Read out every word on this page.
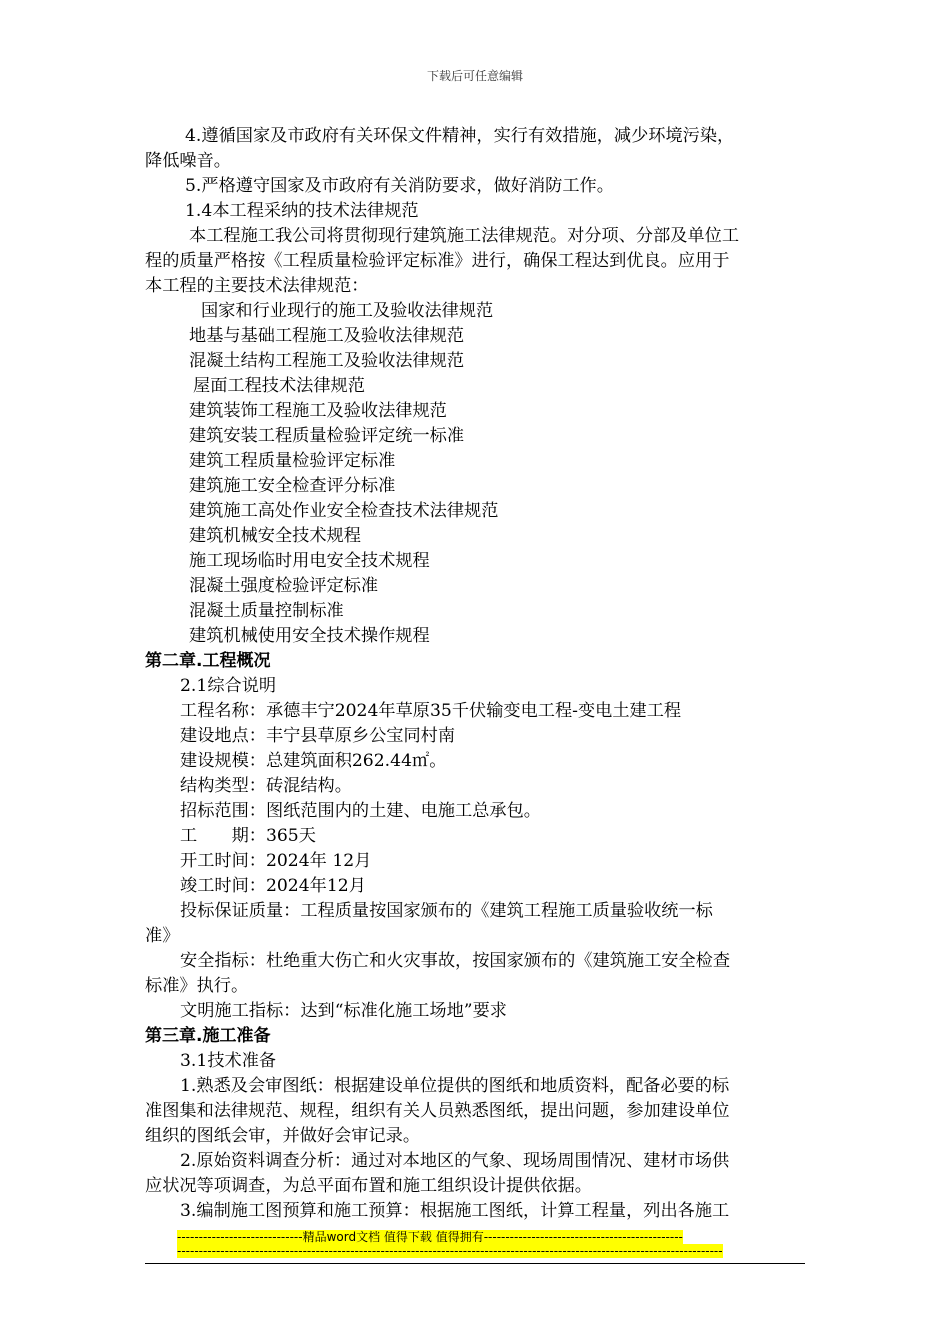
下载后可任意编辑
4.遵循国家及市政府有关环保文件精神，实行有效措施，减少环境污染，
降低噪音。
5.严格遵守国家及市政府有关消防要求，做好消防工作。
1.4本工程采纳的技术法律规范
本工程施工我公司将贯彻现行建筑施工法律规范。对分项、分部及单位工
程的质量严格按《工程质量检验评定标准》进行，确保工程达到优良。应用于
本工程的主要技术法律规范：
国家和行业现行的施工及验收法律规范
地基与基础工程施工及验收法律规范
混凝土结构工程施工及验收法律规范
屋面工程技术法律规范
建筑装饰工程施工及验收法律规范
建筑安装工程质量检验评定统一标准
建筑工程质量检验评定标准
建筑施工安全检查评分标准
建筑施工高处作业安全检查技术法律规范
建筑机械安全技术规程
施工现场临时用电安全技术规程
混凝土强度检验评定标准
混凝土质量控制标准
建筑机械使用安全技术操作规程
第二章.工程概况
2.1综合说明
工程名称：承德丰宁2024年草原35千伏输变电工程-变电土建工程
建设地点：丰宁县草原乡公宝同村南
建设规模：总建筑面积262.44㎡。
结构类型：砖混结构。
招标范围：图纸范围内的土建、电施工总承包。
工　　期：365天
开工时间：2024年 12月
竣工时间：2024年12月
投标保证质量：工程质量按国家颁布的《建筑工程施工质量验收统一标
准》
安全指标：杜绝重大伤亡和火灾事故，按国家颁布的《建筑施工安全检查
标准》执行。
文明施工指标：达到“标准化施工场地”要求
第三章.施工准备
3.1技术准备
1.熟悉及会审图纸：根据建设单位提供的图纸和地质资料，配备必要的标
准图集和法律规范、规程，组织有关人员熟悉图纸，提出问题，参加建设单位
组织的图纸会审，并做好会审记录。
2.原始资料调查分析：通过对本地区的气象、现场周围情况、建材市场供
应状况等项调查，为总平面布置和施工组织设计提供依据。
3.编制施工图预算和施工预算：根据施工图纸，计算工程量，列出各施工
-----------------------------精品word文档 值得下载 值得拥有----------------------------------------------
------------------------------------------------------------------------------------------------------------------------------
